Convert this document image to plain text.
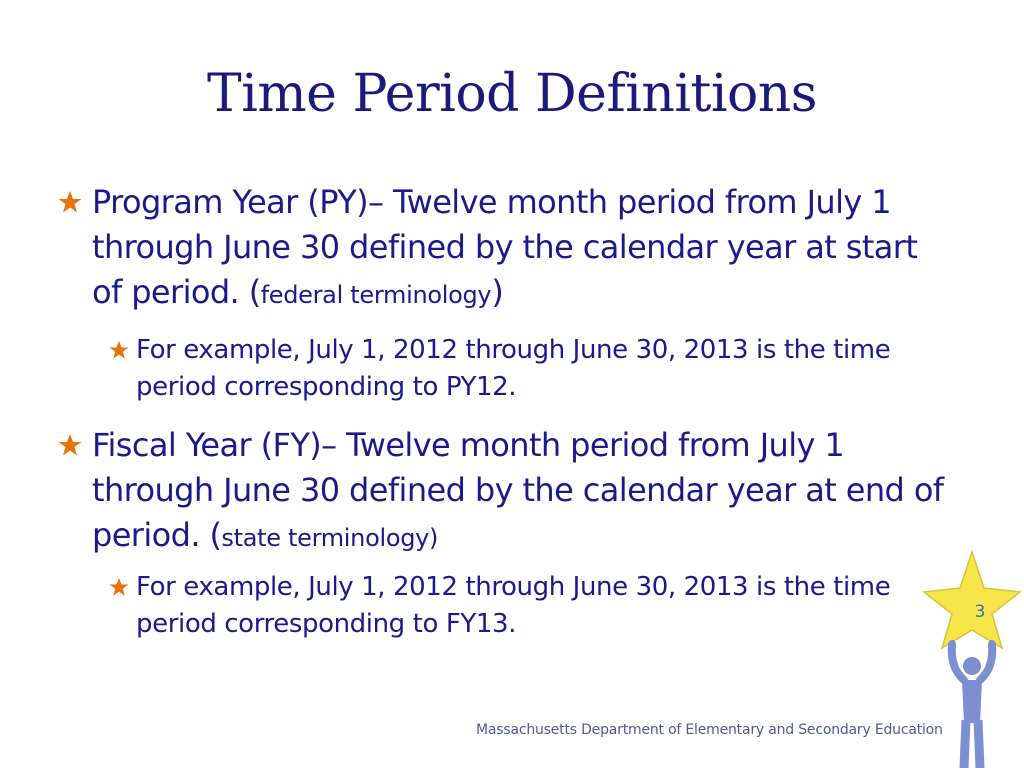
Time Period Definitions
Program Year (PY)– Twelve month period from July 1 through June 30 defined by the calendar year at start of period. (federal terminology)
For example, July 1, 2012 through June 30, 2013 is the time period corresponding to PY12.
Fiscal Year (FY)– Twelve month period from July 1 through June 30 defined by the calendar year at end of period. (state terminology)
For example, July 1, 2012 through June 30, 2013 is the time period corresponding to FY13.	3
Massachusetts Department of Elementary and Secondary Education
